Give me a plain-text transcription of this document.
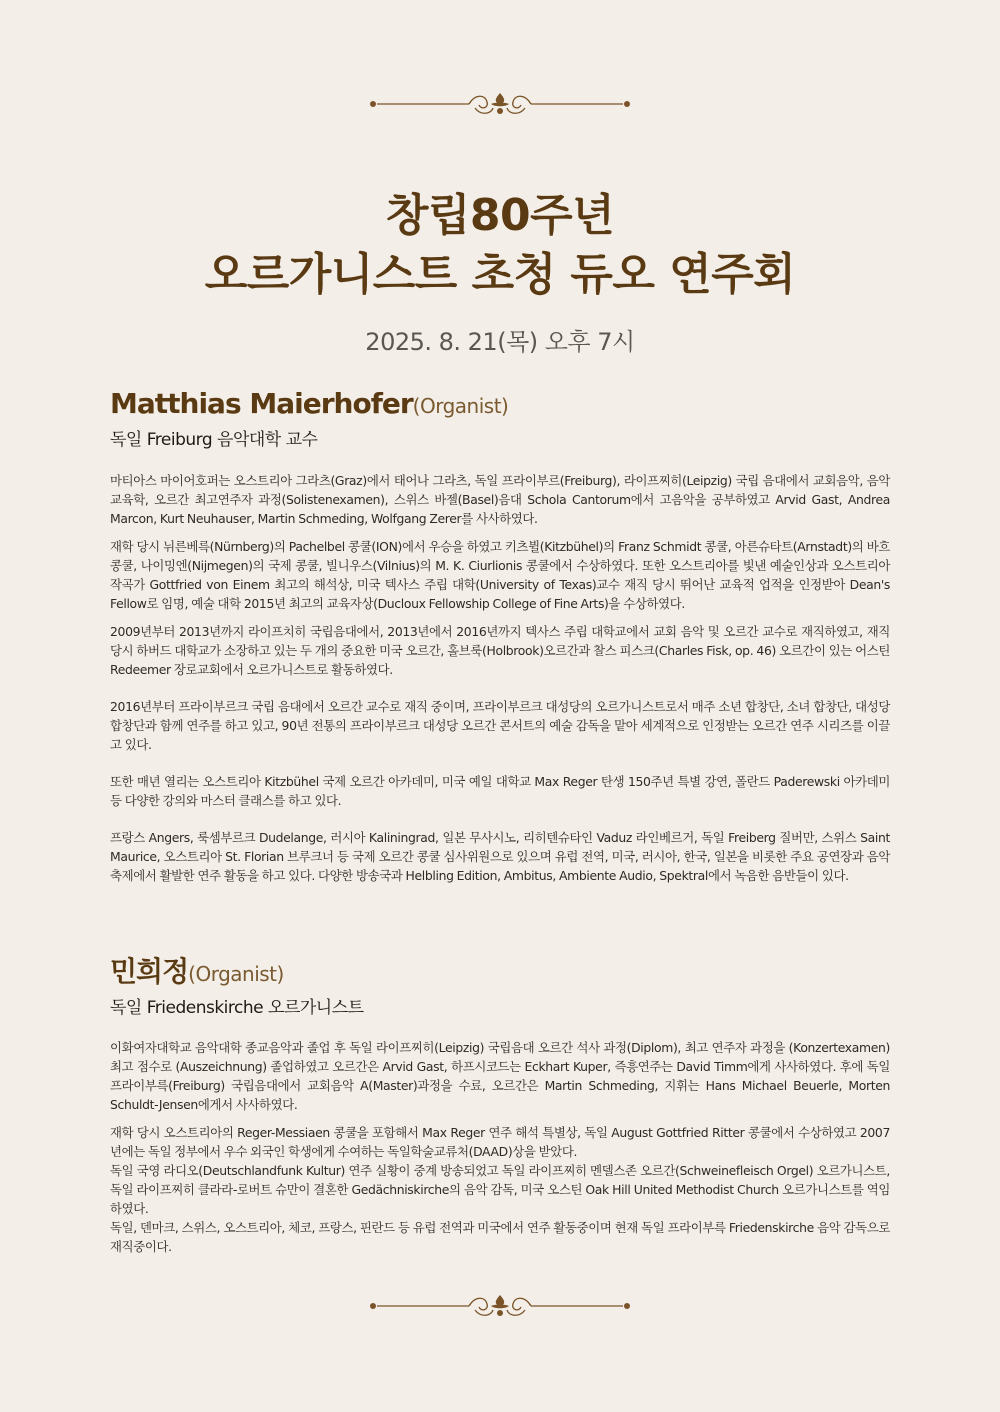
창립80주년
오르가니스트 초청 듀오 연주회
2025. 8. 21(목) 오후 7시
Matthias Maierhofer(Organist)
독일 Freiburg 음악대학 교수

마티아스 마이어호퍼는 오스트리아 그라츠(Graz)에서 태어나 그라츠, 독일 프라이부르(Freiburg), 라이프찌히(Leipzig) 국립 음대에서 교회음악, 음악 교육학, 오르간 최고연주자 과정(Solistenexamen), 스위스 바젤(Basel)음대 Schola Cantorum에서 고음악을 공부하였고 Arvid Gast, Andrea Marcon, Kurt Neuhauser, Martin Schmeding, Wolfgang Zerer를 사사하였다.

재학 당시 뉘른베륵(Nürnberg)의 Pachelbel 콩쿨(ION)에서 우승을 하였고 키츠뷜(Kitzbühel)의 Franz Schmidt 콩쿨, 아른슈타트(Arnstadt)의 바흐 콩쿨, 나이밍엔(Nijmegen)의 국제 콩쿨, 빌니우스(Vilnius)의 M. K. Ciurlionis 콩쿨에서 수상하였다. 또한 오스트리아를 빛낸 예술인상과 오스트리아 작곡가 Gottfried von Einem 최고의 해석상, 미국 텍사스 주립 대학(University of Texas)교수 재직 당시 뛰어난 교육적 업적을 인정받아 Dean's Fellow로 임명, 예술 대학 2015년 최고의 교육자상(Ducloux Fellowship College of Fine Arts)을 수상하였다.

2009년부터 2013년까지 라이프치히 국립음대에서, 2013년에서 2016년까지 텍사스 주립 대학교에서 교회 음악 및 오르간 교수로 재직하였고, 재직 당시 하버드 대학교가 소장하고 있는 두 개의 중요한 미국 오르간, 홀브룩(Holbrook)오르간과 찰스 피스크(Charles Fisk, op. 46) 오르간이 있는 어스틴 Redeemer 장로교회에서 오르가니스트로 활동하였다.

2016년부터 프라이부르크 국립 음대에서 오르간 교수로 재직 중이며, 프라이부르크 대성당의 오르가니스트로서 매주 소년 합창단, 소녀 합창단, 대성당 합창단과 함께 연주를 하고 있고, 90년 전통의 프라이부르크 대성당 오르간 콘서트의 예술 감독을 맡아 세계적으로 인정받는 오르간 연주 시리즈를 이끌고 있다.

또한 매년 열리는 오스트리아 Kitzbühel 국제 오르간 아카데미, 미국 예일 대학교 Max Reger 탄생 150주년 특별 강연, 폴란드 Paderewski 아카데미 등 다양한 강의와 마스터 클래스를 하고 있다.

프랑스 Angers, 룩셈부르크 Dudelange, 러시아 Kaliningrad, 일본 무사시노, 리히텐슈타인 Vaduz 라인베르거, 독일 Freiberg 질버만, 스위스 Saint Maurice, 오스트리아 St. Florian 브루크너 등 국제 오르간 콩쿨 심사위원으로 있으며 유럽 전역, 미국, 러시아, 한국, 일본을 비롯한 주요 공연장과 음악 축제에서 활발한 연주 활동을 하고 있다. 다양한 방송국과 Helbling Edition, Ambitus, Ambiente Audio, Spektral에서 녹음한 음반들이 있다.

민희정(Organist)
독일 Friedenskirche 오르가니스트

이화여자대학교 음악대학 종교음악과 졸업 후 독일 라이프찌히(Leipzig) 국립음대 오르간 석사 과정(Diplom), 최고 연주자 과정을 (Konzertexamen) 최고 점수로 (Auszeichnung) 졸업하였고 오르간은 Arvid Gast, 하프시코드는 Eckhart Kuper, 즉흥연주는 David Timm에게 사사하였다. 후에 독일 프라이부륵(Freiburg) 국립음대에서 교회음악 A(Master)과정을 수료, 오르간은 Martin Schmeding, 지휘는 Hans Michael Beuerle, Morten Schuldt-Jensen에게서 사사하였다.

재학 당시 오스트리아의 Reger-Messiaen 콩쿨을 포함해서 Max Reger 연주 해석 특별상, 독일 August Gottfried Ritter 콩쿨에서 수상하였고 2007년에는 독일 정부에서 우수 외국인 학생에게 수여하는 독일학술교류처(DAAD)상을 받았다.

독일 국영 라디오(Deutschlandfunk Kultur) 연주 실황이 중계 방송되었고 독일 라이프찌히 멘델스존 오르간(Schweinefleisch Orgel) 오르가니스트, 독일 라이프찌히 클라라-로버트 슈만이 결혼한 Gedächniskirche의 음악 감독, 미국 오스틴 Oak Hill United Methodist Church 오르가니스트를 역임하였다.

독일, 덴마크, 스위스, 오스트리아, 체코, 프랑스, 핀란드 등 유럽 전역과 미국에서 연주 활동중이며 현재 독일 프라이부륵 Friedenskirche 음악 감독으로 재직중이다.
